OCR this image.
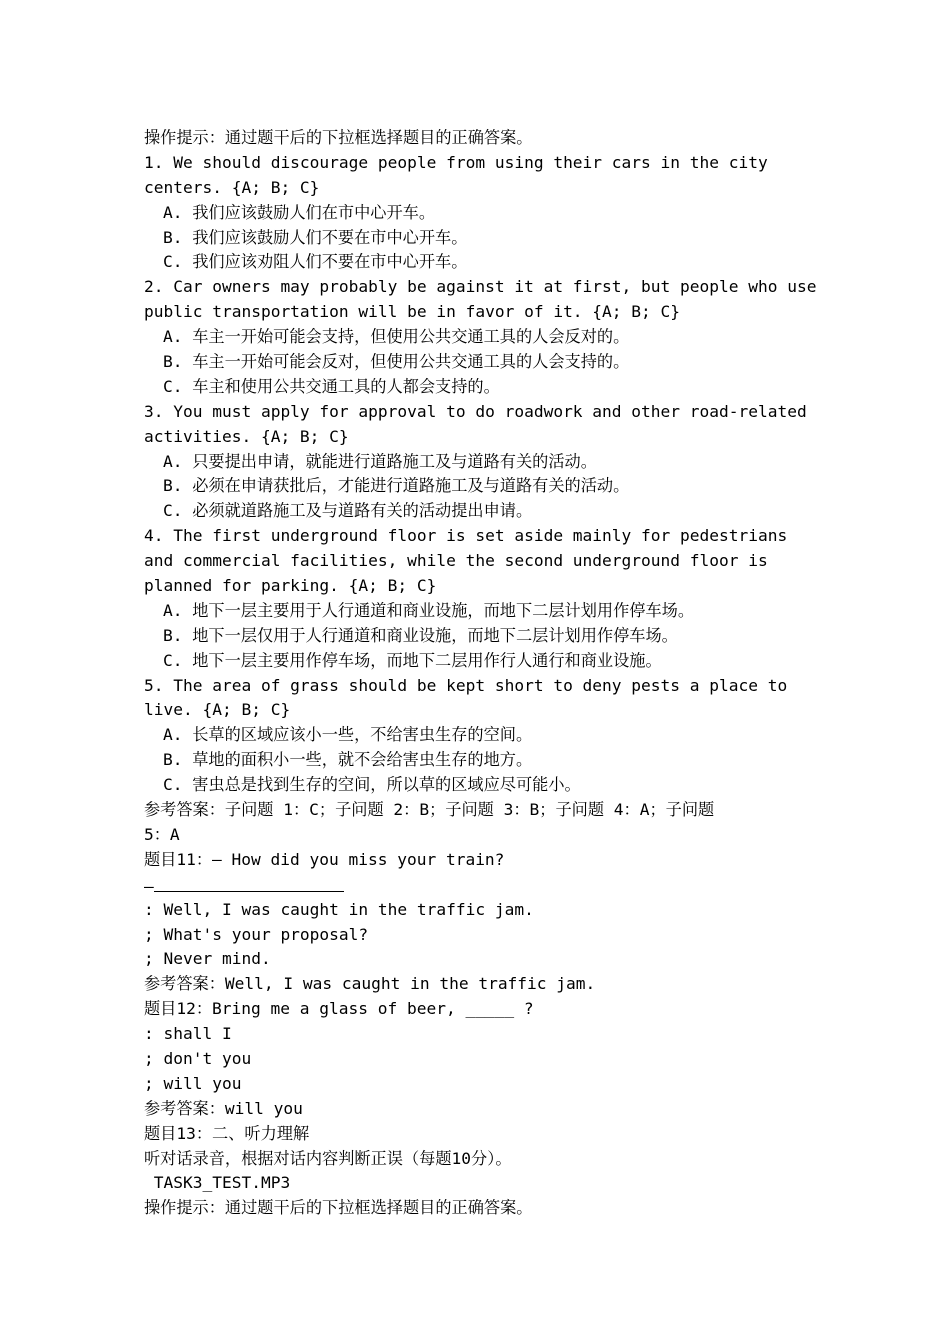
操作提示：通过题干后的下拉框选择题目的正确答案。
1. We should discourage people from using their cars in the city
centers. {A; B; C}
A. 我们应该鼓励人们在市中心开车。
B. 我们应该鼓励人们不要在市中心开车。
C. 我们应该劝阻人们不要在市中心开车。
2. Car owners may probably be against it at first, but people who use
public transportation will be in favor of it. {A; B; C}
A. 车主一开始可能会支持，但使用公共交通工具的人会反对的。
B. 车主一开始可能会反对，但使用公共交通工具的人会支持的。
C. 车主和使用公共交通工具的人都会支持的。
3. You must apply for approval to do roadwork and other road-related
activities. {A; B; C}
A. 只要提出申请，就能进行道路施工及与道路有关的活动。
B. 必须在申请获批后，才能进行道路施工及与道路有关的活动。
C. 必须就道路施工及与道路有关的活动提出申请。
4. The first underground floor is set aside mainly for pedestrians
and commercial facilities, while the second underground floor is
planned for parking. {A; B; C}
A. 地下一层主要用于人行通道和商业设施，而地下二层计划用作停车场。
B. 地下一层仅用于人行通道和商业设施，而地下二层计划用作停车场。
C. 地下一层主要用作停车场，而地下二层用作行人通行和商业设施。
5. The area of grass should be kept short to deny pests a place to
live. {A; B; C}
A. 长草的区域应该小一些，不给害虫生存的空间。
B. 草地的面积小一些，就不会给害虫生存的地方。
C. 害虫总是找到生存的空间，所以草的区域应尽可能小。
参考答案：子问题 1：C；子问题 2：B；子问题 3：B；子问题 4：A；子问题
5：A
题目11：— How did you miss your train?
—
: Well, I was caught in the traffic jam.
; What's your proposal?
; Never mind.
参考答案：Well, I was caught in the traffic jam.
题目12：Bring me a glass of beer, _____ ?
: shall I
; don't you
; will you
参考答案：will you
题目13：二、听力理解
听对话录音，根据对话内容判断正误（每题10分）。
TASK3_TEST.MP3
操作提示：通过题干后的下拉框选择题目的正确答案。
